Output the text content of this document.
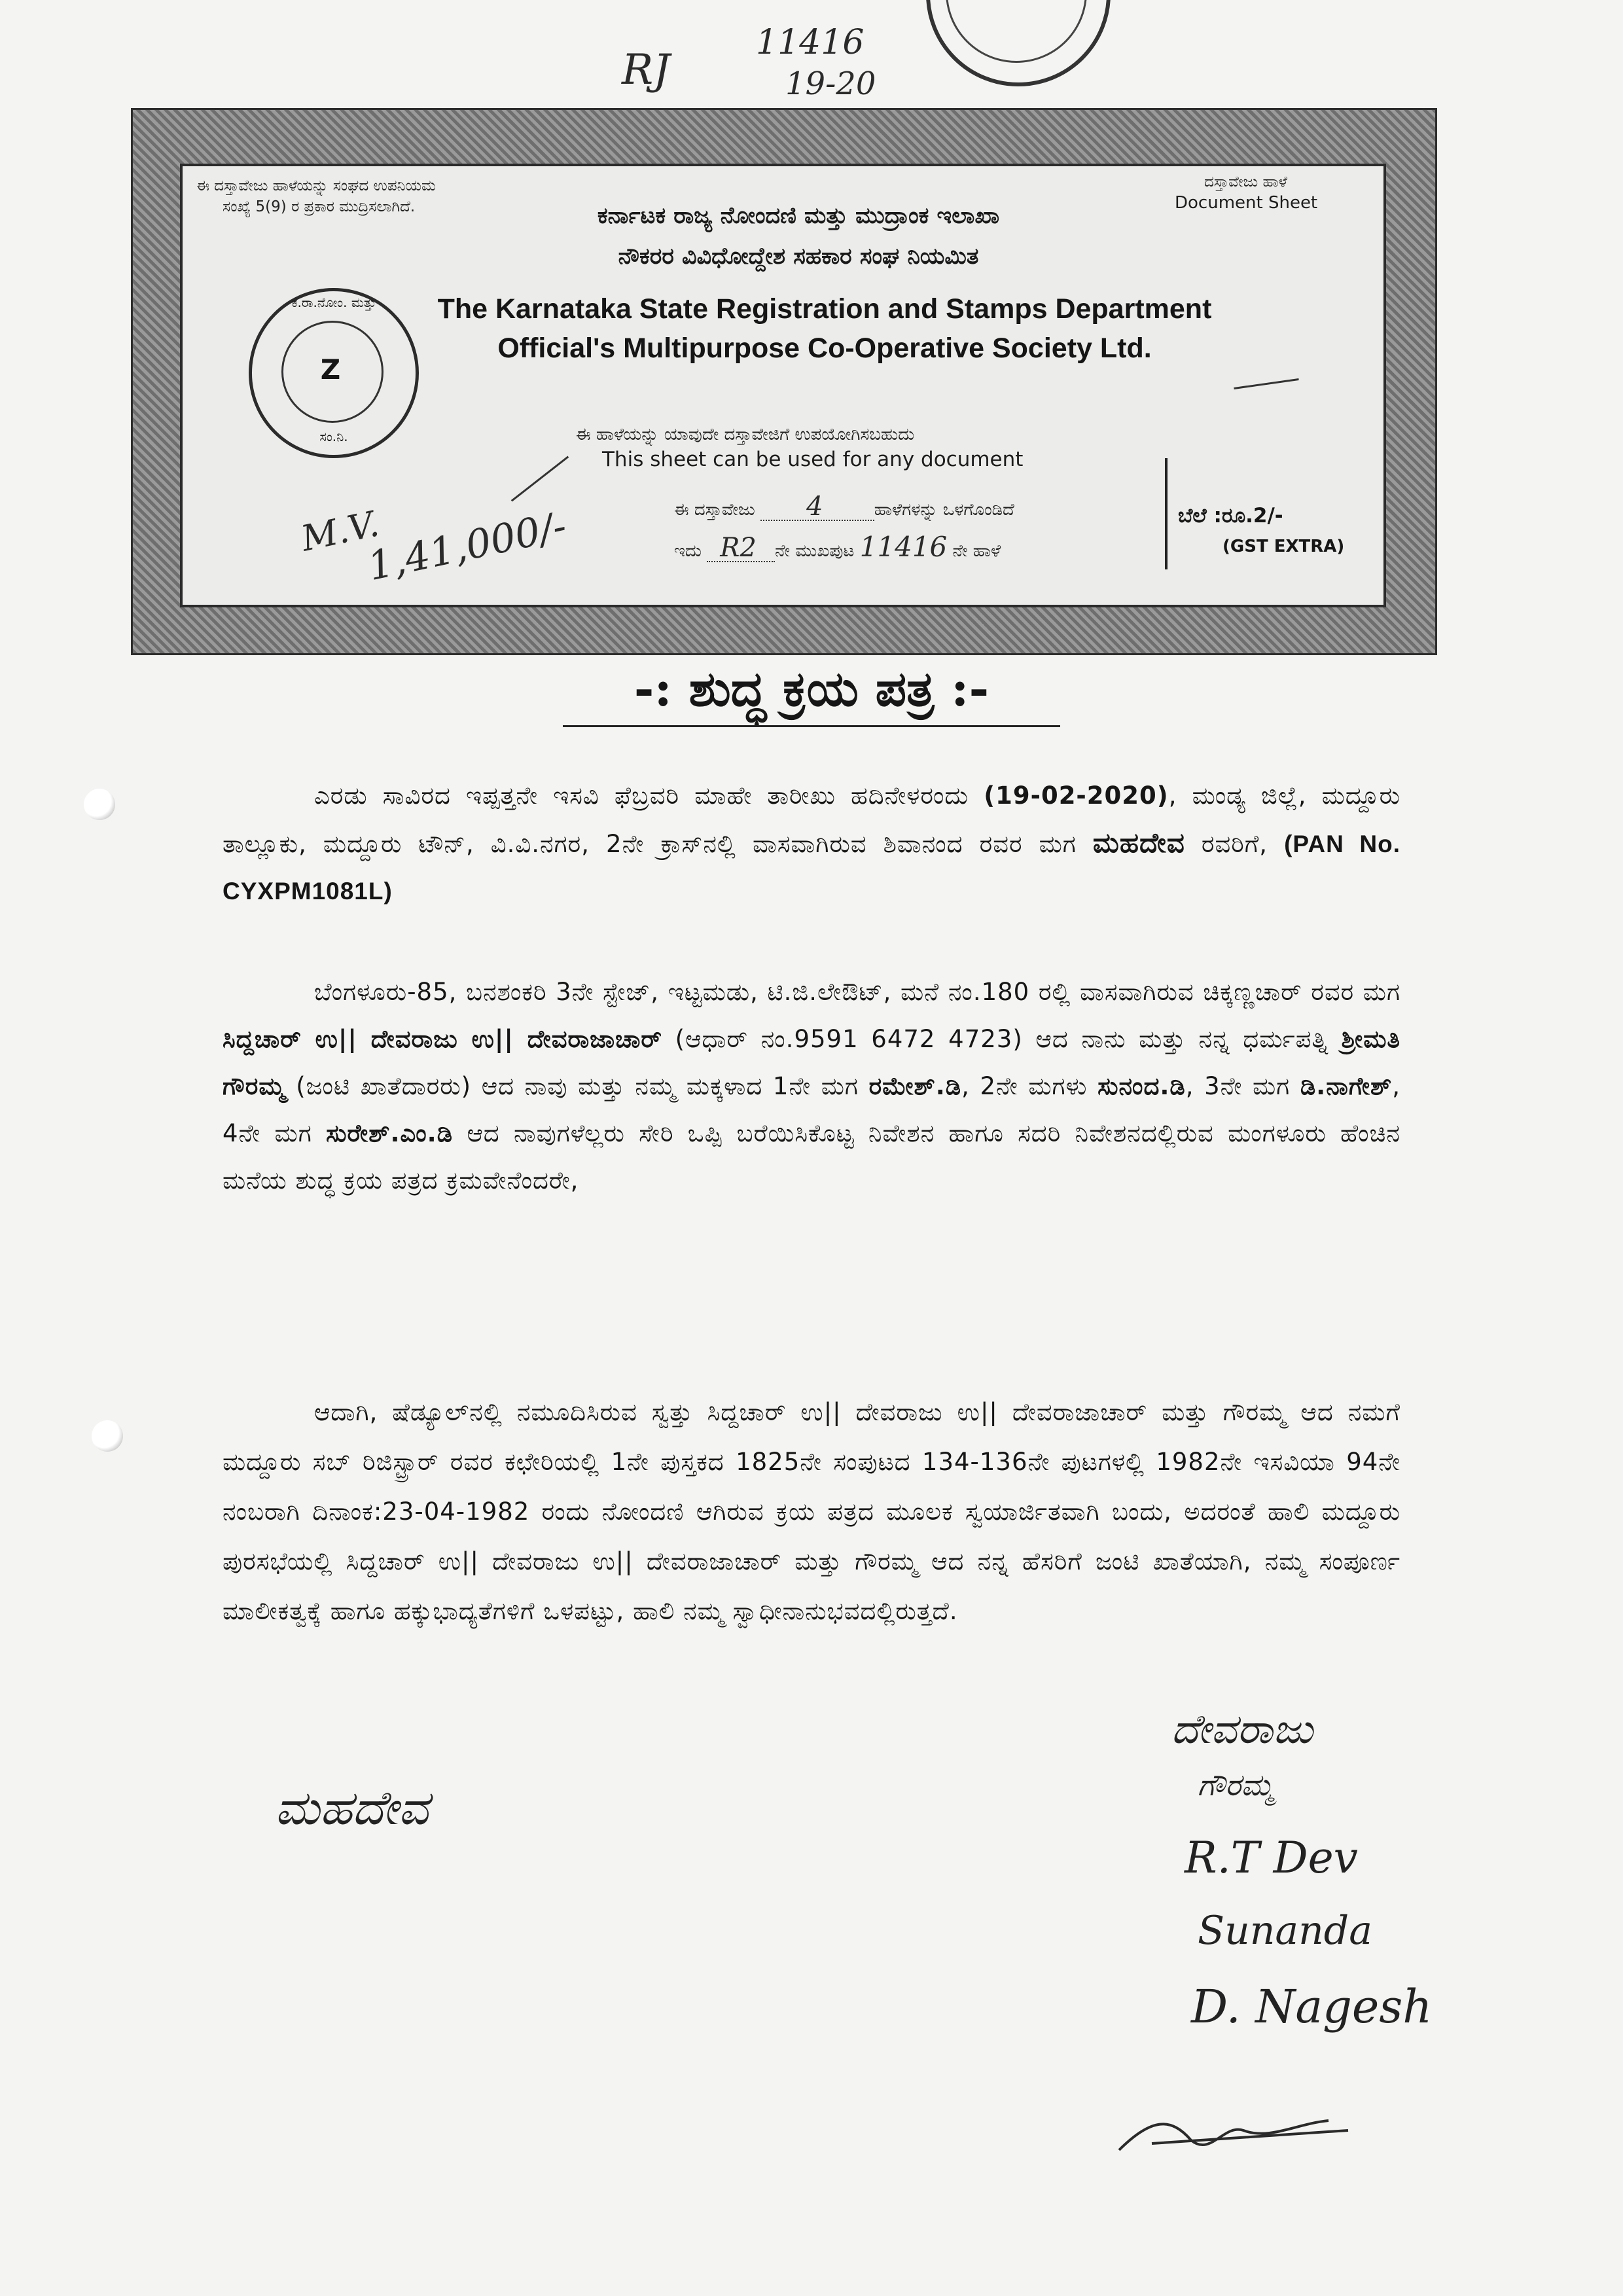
RJ
11416
19-20
ಈ ದಸ್ತಾವೇಜು ಹಾಳೆಯನ್ನು ಸಂಘದ ಉಪನಿಯಮ
ಸಂಖ್ಯೆ 5(9) ರ ಪ್ರಕಾರ ಮುದ್ರಿಸಲಾಗಿದೆ.
ದಸ್ತಾವೇಜು ಹಾಳೆ
Document Sheet
ಕರ್ನಾಟಕ ರಾಜ್ಯ ನೋಂದಣಿ ಮತ್ತು ಮುದ್ರಾಂಕ ಇಲಾಖಾ
ನೌಕರರ ವಿವಿಧೋದ್ದೇಶ ಸಹಕಾರ ಸಂಘ ನಿಯಮಿತ
The Karnataka State Registration and Stamps Department
Official's Multipurpose Co-Operative Society Ltd.
Z
ಕ.ರಾ.ನೋಂ. ಮತ್ತು
ಸಂ.ನಿ.	ಈ ಹಾಳೆಯನ್ನು ಯಾವುದೇ ದಸ್ತಾವೇಜಿಗೆ ಉಪಯೋಗಿಸಬಹುದು
This sheet can be used for any document
ಈ ದಸ್ತಾವೇಜು 4	ಹಾಳೆಗಳನ್ನು ಒಳಗೊಂಡಿದೆ
ಇದು R2 ನೇ ಮುಖಪುಟ 11416 ನೇ ಹಾಳೆ
ಬೆಲೆ :ರೂ.2/-
(GST EXTRA)
M.V.
1,41,000/-
-: ಶುದ್ಧ ಕ್ರಯ ಪತ್ರ :-
ಎರಡು ಸಾವಿರದ ಇಪ್ಪತ್ತನೇ ಇಸವಿ ಫೆಬ್ರವರಿ ಮಾಹೇ ತಾರೀಖು ಹದಿನೇಳರಂದು (19-02-2020), ಮಂಡ್ಯ ಜಿಲ್ಲೆ, ಮದ್ದೂರು ತಾಲ್ಲೂಕು, ಮದ್ದೂರು ಟೌನ್, ವಿ.ವಿ.ನಗರ, 2ನೇ ಕ್ರಾಸ್‌ನಲ್ಲಿ ವಾಸವಾಗಿರುವ ಶಿವಾನಂದ ರವರ ಮಗ ಮಹದೇವ ರವರಿಗೆ, (PAN No. CYXPM1081L)
ಬೆಂಗಳೂರು-85, ಬನಶಂಕರಿ 3ನೇ ಸ್ಟೇಜ್, ಇಟ್ಟಮಡು, ಟಿ.ಜಿ.ಲೇಔಟ್, ಮನೆ ನಂ.180 ರಲ್ಲಿ ವಾಸವಾಗಿರುವ ಚಿಕ್ಕಣ್ಣಚಾರ್ ರವರ ಮಗ ಸಿದ್ದಚಾರ್ ಉ|| ದೇವರಾಜು ಉ|| ದೇವರಾಜಾಚಾರ್ (ಆಧಾರ್ ನಂ.9591 6472 4723) ಆದ ನಾನು ಮತ್ತು ನನ್ನ ಧರ್ಮಪತ್ನಿ ಶ್ರೀಮತಿ ಗೌರಮ್ಮ (ಜಂಟಿ ಖಾತೆದಾರರು) ಆದ ನಾವು ಮತ್ತು ನಮ್ಮ ಮಕ್ಕಳಾದ 1ನೇ ಮಗ ರಮೇಶ್.ಡಿ, 2ನೇ ಮಗಳು ಸುನಂದ.ಡಿ, 3ನೇ ಮಗ ಡಿ.ನಾಗೇಶ್, 4ನೇ ಮಗ ಸುರೇಶ್.ಎಂ.ಡಿ ಆದ ನಾವುಗಳೆಲ್ಲರು ಸೇರಿ ಒಪ್ಪಿ ಬರೆಯಿಸಿಕೊಟ್ಟ ನಿವೇಶನ ಹಾಗೂ ಸದರಿ ನಿವೇಶನದಲ್ಲಿರುವ ಮಂಗಳೂರು ಹೆಂಚಿನ ಮನೆಯ ಶುದ್ಧ ಕ್ರಯ ಪತ್ರದ ಕ್ರಮವೇನೆಂದರೇ,
ಆದಾಗಿ, ಷೆಡ್ಯೂಲ್‌ನಲ್ಲಿ ನಮೂದಿಸಿರುವ ಸ್ವತ್ತು ಸಿದ್ದಚಾರ್ ಉ|| ದೇವರಾಜು ಉ|| ದೇವರಾಜಾಚಾರ್ ಮತ್ತು ಗೌರಮ್ಮ ಆದ ನಮಗೆ ಮದ್ದೂರು ಸಬ್ ರಿಜಿಸ್ಟ್ರಾರ್ ರವರ ಕಛೇರಿಯಲ್ಲಿ 1ನೇ ಪುಸ್ತಕದ 1825ನೇ ಸಂಪುಟದ 134-136ನೇ ಪುಟಗಳಲ್ಲಿ 1982ನೇ ಇಸವಿಯಾ 94ನೇ ನಂಬರಾಗಿ ದಿನಾಂಕ:23-04-1982 ರಂದು ನೋಂದಣಿ ಆಗಿರುವ ಕ್ರಯ ಪತ್ರದ ಮೂಲಕ ಸ್ವಯಾರ್ಜಿತವಾಗಿ ಬಂದು, ಅದರಂತೆ ಹಾಲಿ ಮದ್ದೂರು ಪುರಸಭೆಯಲ್ಲಿ ಸಿದ್ದಚಾರ್ ಉ|| ದೇವರಾಜು ಉ|| ದೇವರಾಜಾಚಾರ್ ಮತ್ತು ಗೌರಮ್ಮ ಆದ ನನ್ನ ಹೆಸರಿಗೆ ಜಂಟಿ ಖಾತೆಯಾಗಿ, ನಮ್ಮ ಸಂಪೂರ್ಣ ಮಾಲೀಕತ್ವಕ್ಕೆ ಹಾಗೂ ಹಕ್ಕುಭಾದ್ಯತೆಗಳಿಗೆ ಒಳಪಟ್ಟು, ಹಾಲಿ ನಮ್ಮ ಸ್ವಾಧೀನಾನುಭವದಲ್ಲಿರುತ್ತದೆ.
ಮಹದೇವ
ದೇವರಾಜು
ಗೌರಮ್ಮ
R.T Dev
Sunanda
D. Nagesh
